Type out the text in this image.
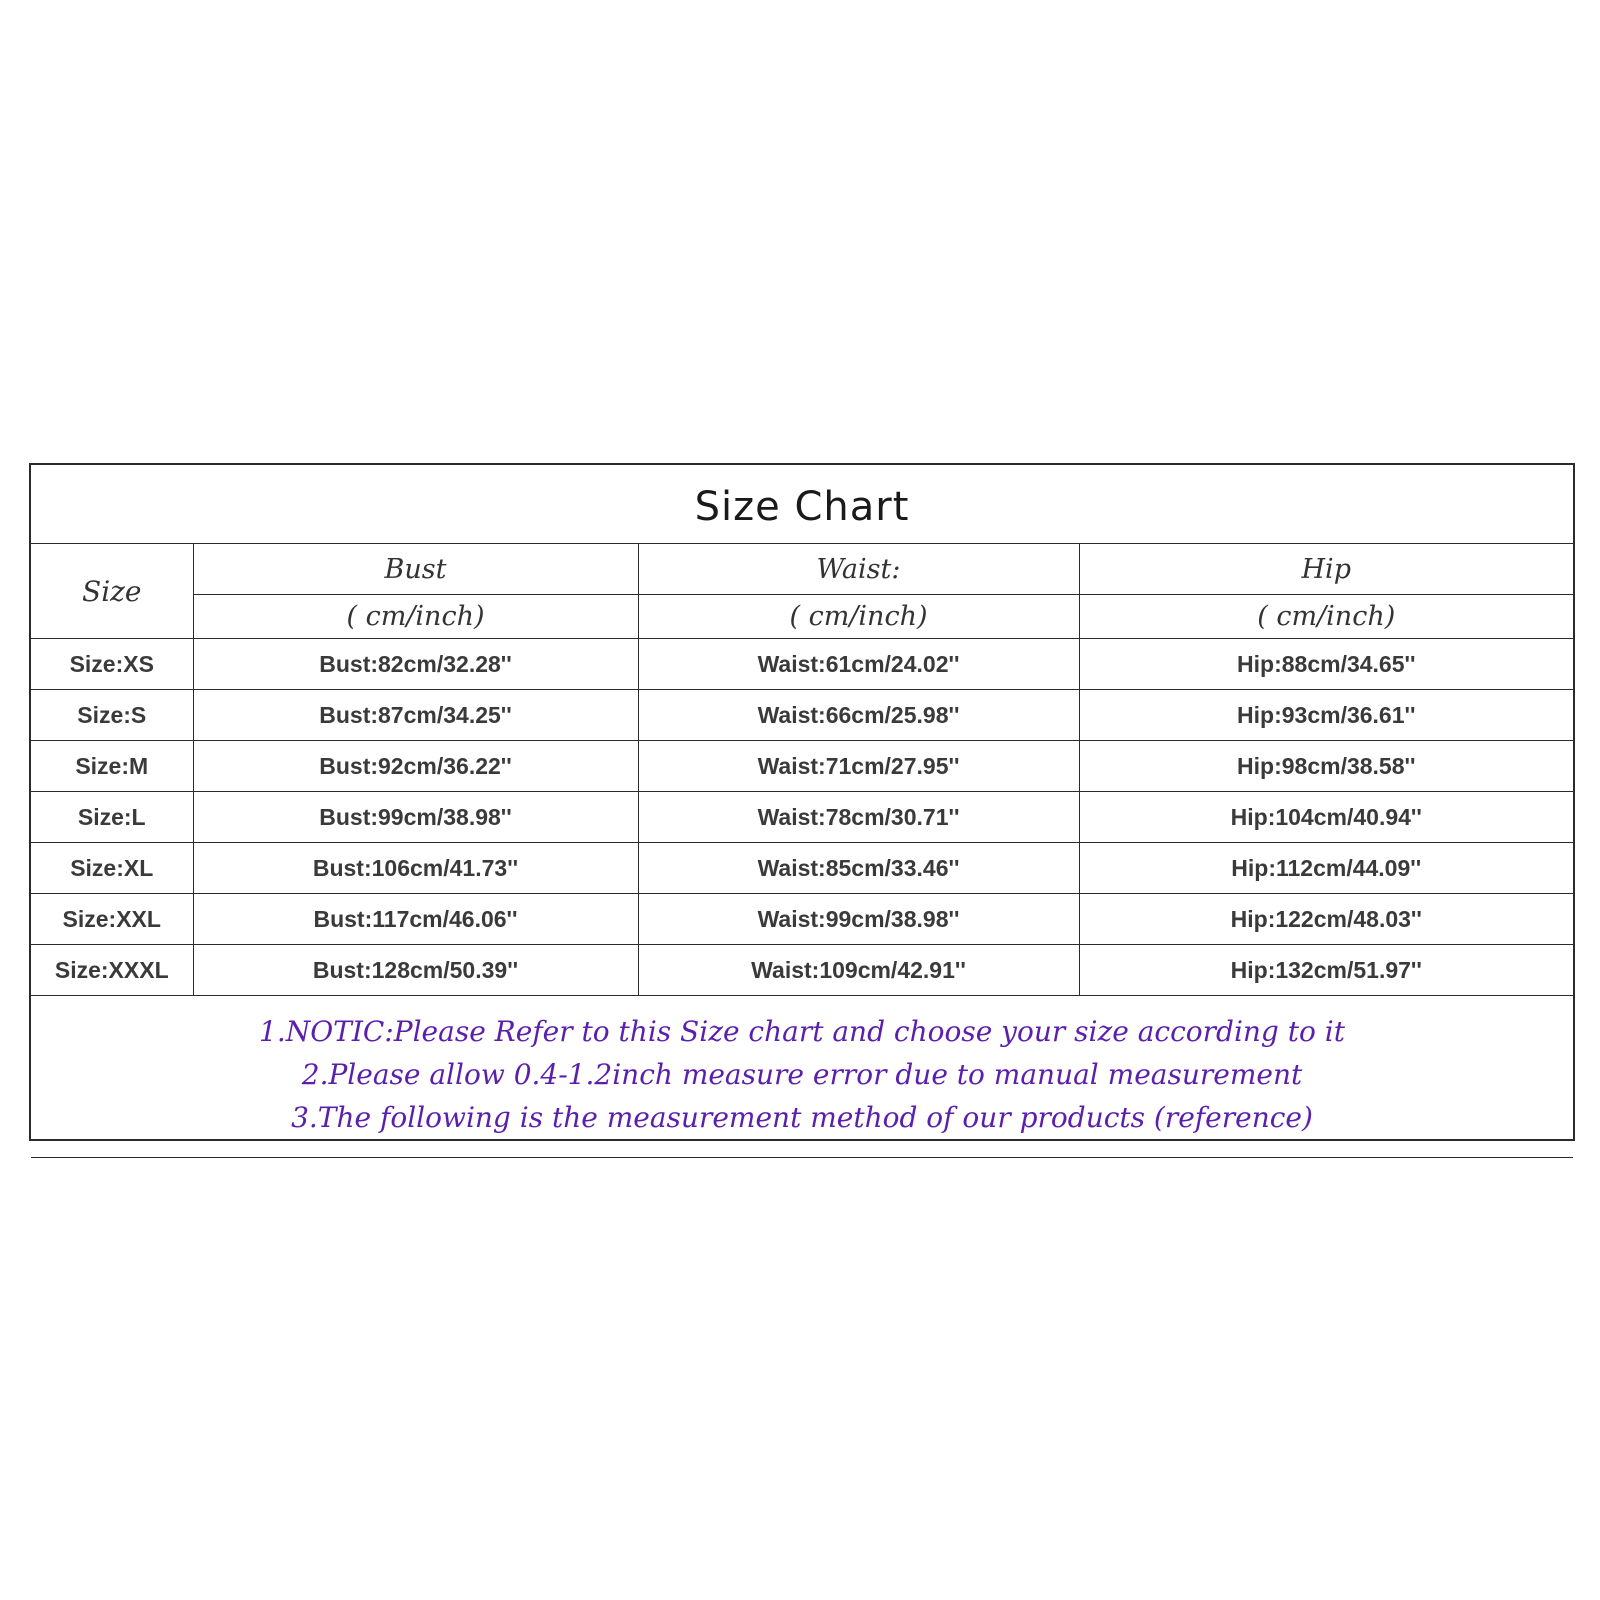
Size Chart			
Size	Bust	Waist:	Hip
	( cm/inch)	( cm/inch)	( cm/inch)
Size:XS	Bust:82cm/32.28''	Waist:61cm/24.02''	Hip:88cm/34.65''
Size:S	Bust:87cm/34.25''	Waist:66cm/25.98''	Hip:93cm/36.61''
Size:M	Bust:92cm/36.22''	Waist:71cm/27.95''	Hip:98cm/38.58''
Size:L	Bust:99cm/38.98''	Waist:78cm/30.71''	Hip:104cm/40.94''
Size:XL	Bust:106cm/41.73''	Waist:85cm/33.46''	Hip:112cm/44.09''
Size:XXL	Bust:117cm/46.06''	Waist:99cm/38.98''	Hip:122cm/48.03''
Size:XXXL	Bust:128cm/50.39''	Waist:109cm/42.91''	Hip:132cm/51.97''

1.NOTIC:Please Refer to this Size chart and choose your size according to it
2.Please allow 0.4-1.2inch measure error due to manual measurement
3.The following is the measurement method of our products (reference)			
